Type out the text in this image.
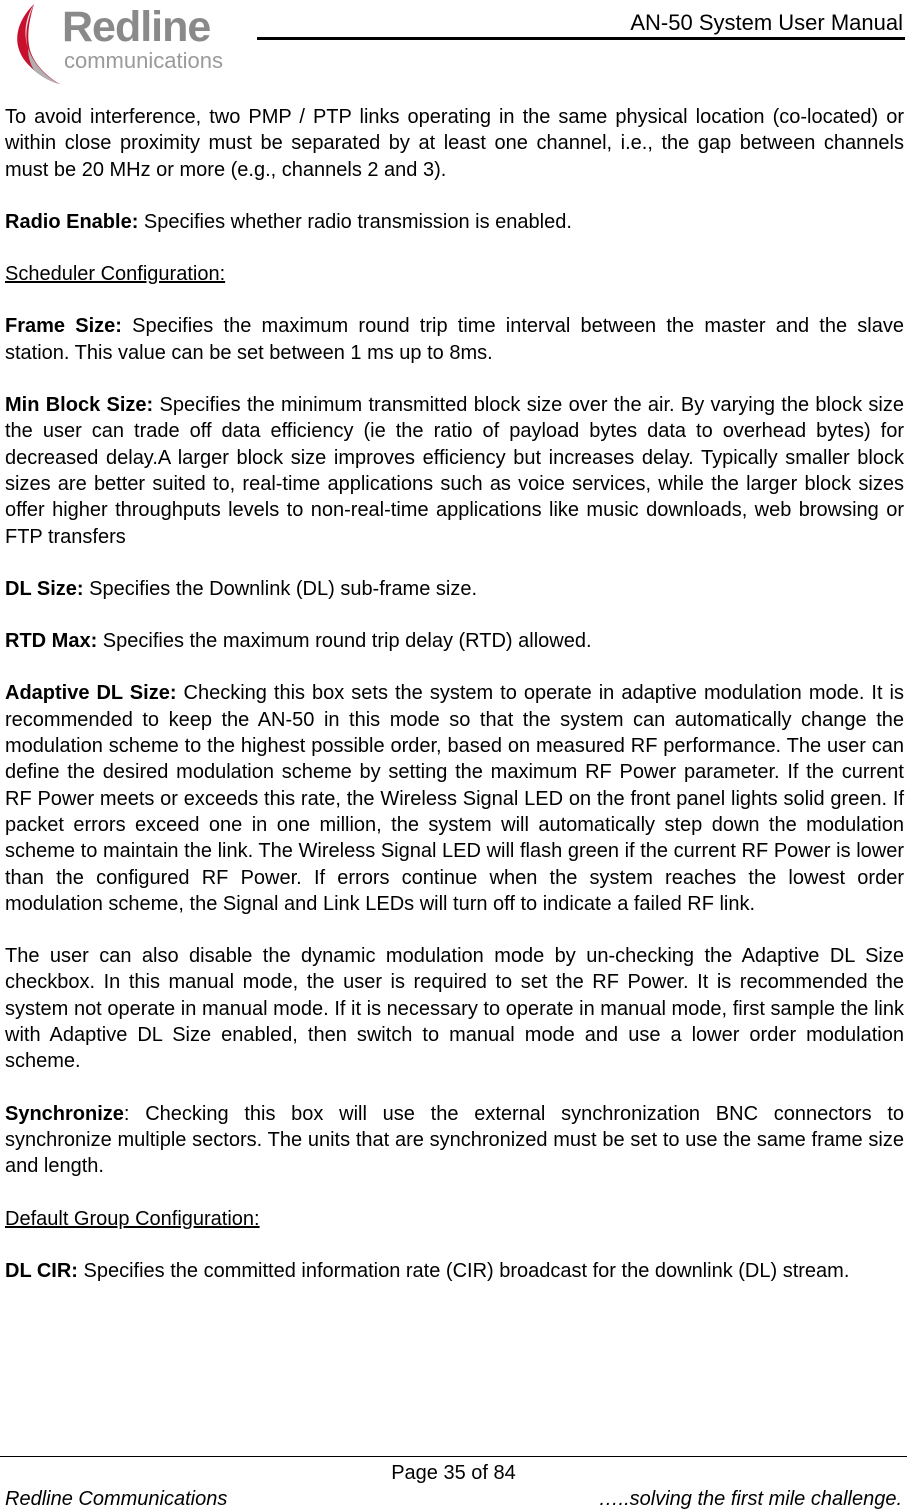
Redline
communications
AN-50 System User Manual

To avoid interference, two PMP / PTP links operating in the same physical location (co-located) or within close proximity must be separated by at least one channel, i.e., the gap between channels must be 20 MHz or more (e.g., channels 2 and 3).

Radio Enable: Specifies whether radio transmission is enabled.

Scheduler Configuration:

Frame Size: Specifies the maximum round trip time interval between the master and the slave station. This value can be set between 1 ms up to 8ms.

Min Block Size: Specifies the minimum transmitted block size over the air. By varying the block size the user can trade off data efficiency (ie the ratio of payload bytes data to overhead bytes) for decreased delay.A larger block size improves efficiency but increases delay. Typically smaller block sizes are better suited to, real-time applications such as voice services, while the larger block sizes offer higher throughputs levels to non-real-time applications like music downloads, web browsing or FTP transfers

DL Size: Specifies the Downlink (DL) sub-frame size.

RTD Max: Specifies the maximum round trip delay (RTD) allowed.

Adaptive DL Size: Checking this box sets the system to operate in adaptive modulation mode. It is recommended to keep the AN-50 in this mode so that the system can automatically change the modulation scheme to the highest possible order, based on measured RF performance. The user can define the desired modulation scheme by setting the maximum RF Power parameter. If the current RF Power meets or exceeds this rate, the Wireless Signal LED on the front panel lights solid green. If packet errors exceed one in one million, the system will automatically step down the modulation scheme to maintain the link. The Wireless Signal LED will flash green if the current RF Power is lower than the configured RF Power. If errors continue when the system reaches the lowest order modulation scheme, the Signal and Link LEDs will turn off to indicate a failed RF link.

The user can also disable the dynamic modulation mode by un-checking the Adaptive DL Size checkbox. In this manual mode, the user is required to set the RF Power. It is recommended the system not operate in manual mode. If it is necessary to operate in manual mode, first sample the link with Adaptive DL Size enabled, then switch to manual mode and use a lower order modulation scheme.

Synchronize: Checking this box will use the external synchronization BNC connectors to synchronize multiple sectors. The units that are synchronized must be set to use the same frame size and length.

Default Group Configuration:

DL CIR: Specifies the committed information rate (CIR) broadcast for the downlink (DL) stream.

Page 35 of 84
Redline Communications	…..solving the first mile challenge.
